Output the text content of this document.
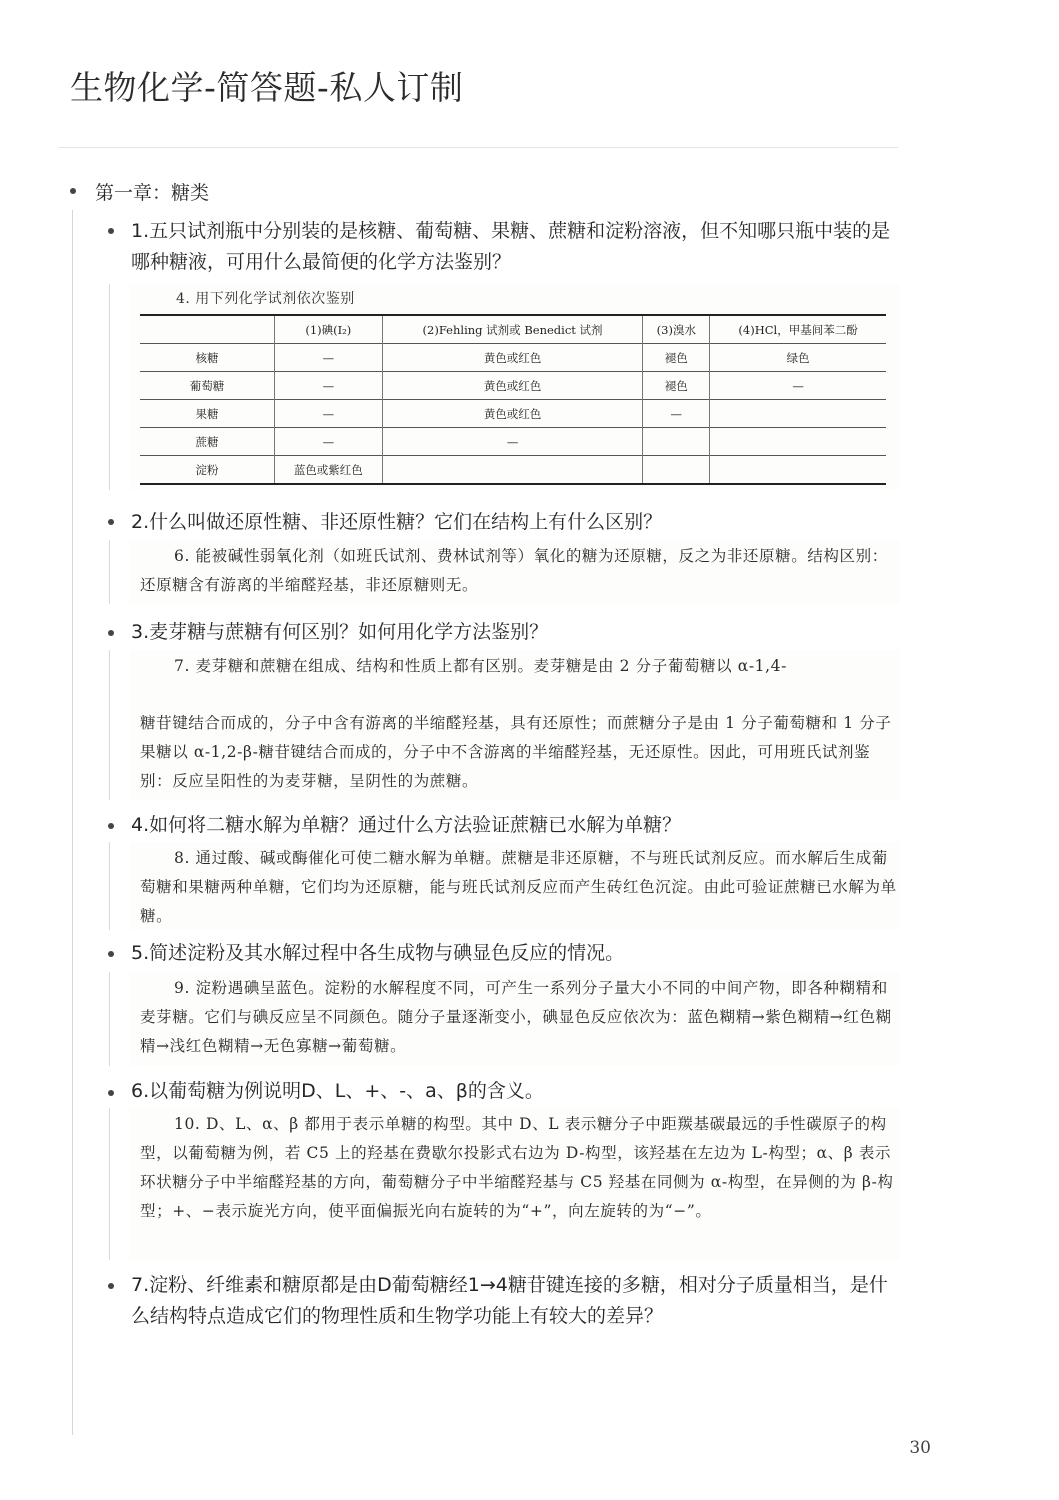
生物化学-简答题-私人订制
第一章：糖类
1.五只试剂瓶中分别装的是核糖、葡萄糖、果糖、蔗糖和淀粉溶液，但不知哪只瓶中装的是哪种糖液，可用什么最简便的化学方法鉴别？
4. 用下列化学试剂依次鉴别
	(1)碘(I₂)	(2)Fehling 试剂或 Benedict 试剂	(3)溴水	(4)HCl，甲基间苯二酚
核糖	—	黄色或红色	褪色	绿色
葡萄糖	—	黄色或红色	褪色	—
果糖	—	黄色或红色	—	
蔗糖	—	—		
淀粉	蓝色或紫红色			
2.什么叫做还原性糖、非还原性糖？它们在结构上有什么区别？
6. 能被碱性弱氧化剂（如班氏试剂、费林试剂等）氧化的糖为还原糖，反之为非还原糖。结构区别：还原糖含有游离的半缩醛羟基，非还原糖则无。
3.麦芽糖与蔗糖有何区别？如何用化学方法鉴别？
7. 麦芽糖和蔗糖在组成、结构和性质上都有区别。麦芽糖是由 2 分子葡萄糖以 α-1,4-
糖苷键结合而成的，分子中含有游离的半缩醛羟基，具有还原性；而蔗糖分子是由 1 分子葡萄糖和 1 分子果糖以 α-1,2-β-糖苷键结合而成的，分子中不含游离的半缩醛羟基，无还原性。因此，可用班氏试剂鉴别：反应呈阳性的为麦芽糖，呈阴性的为蔗糖。
4.如何将二糖水解为单糖？通过什么方法验证蔗糖已水解为单糖？
8. 通过酸、碱或酶催化可使二糖水解为单糖。蔗糖是非还原糖，不与班氏试剂反应。而水解后生成葡萄糖和果糖两种单糖，它们均为还原糖，能与班氏试剂反应而产生砖红色沉淀。由此可验证蔗糖已水解为单糖。
5.简述淀粉及其水解过程中各生成物与碘显色反应的情况。
9. 淀粉遇碘呈蓝色。淀粉的水解程度不同，可产生一系列分子量大小不同的中间产物，即各种糊精和麦芽糖。它们与碘反应呈不同颜色。随分子量逐渐变小，碘显色反应依次为：蓝色糊精→紫色糊精→红色糊精→浅红色糊精→无色寡糖→葡萄糖。
6.以葡萄糖为例说明D、L、+、-、a、β的含义。
10. D、L、α、β 都用于表示单糖的构型。其中 D、L 表示糖分子中距羰基碳最远的手性碳原子的构型，以葡萄糖为例，若 C5 上的羟基在费歇尔投影式右边为 D-构型，该羟基在左边为 L-构型；α、β 表示环状糖分子中半缩醛羟基的方向，葡萄糖分子中半缩醛羟基与 C5 羟基在同侧为 α-构型，在异侧的为 β-构型；+、−表示旋光方向，使平面偏振光向右旋转的为“+”，向左旋转的为“−”。
7.淀粉、纤维素和糖原都是由D葡萄糖经1→4糖苷键连接的多糖，相对分子质量相当，是什么结构特点造成它们的物理性质和生物学功能上有较大的差异？
30
